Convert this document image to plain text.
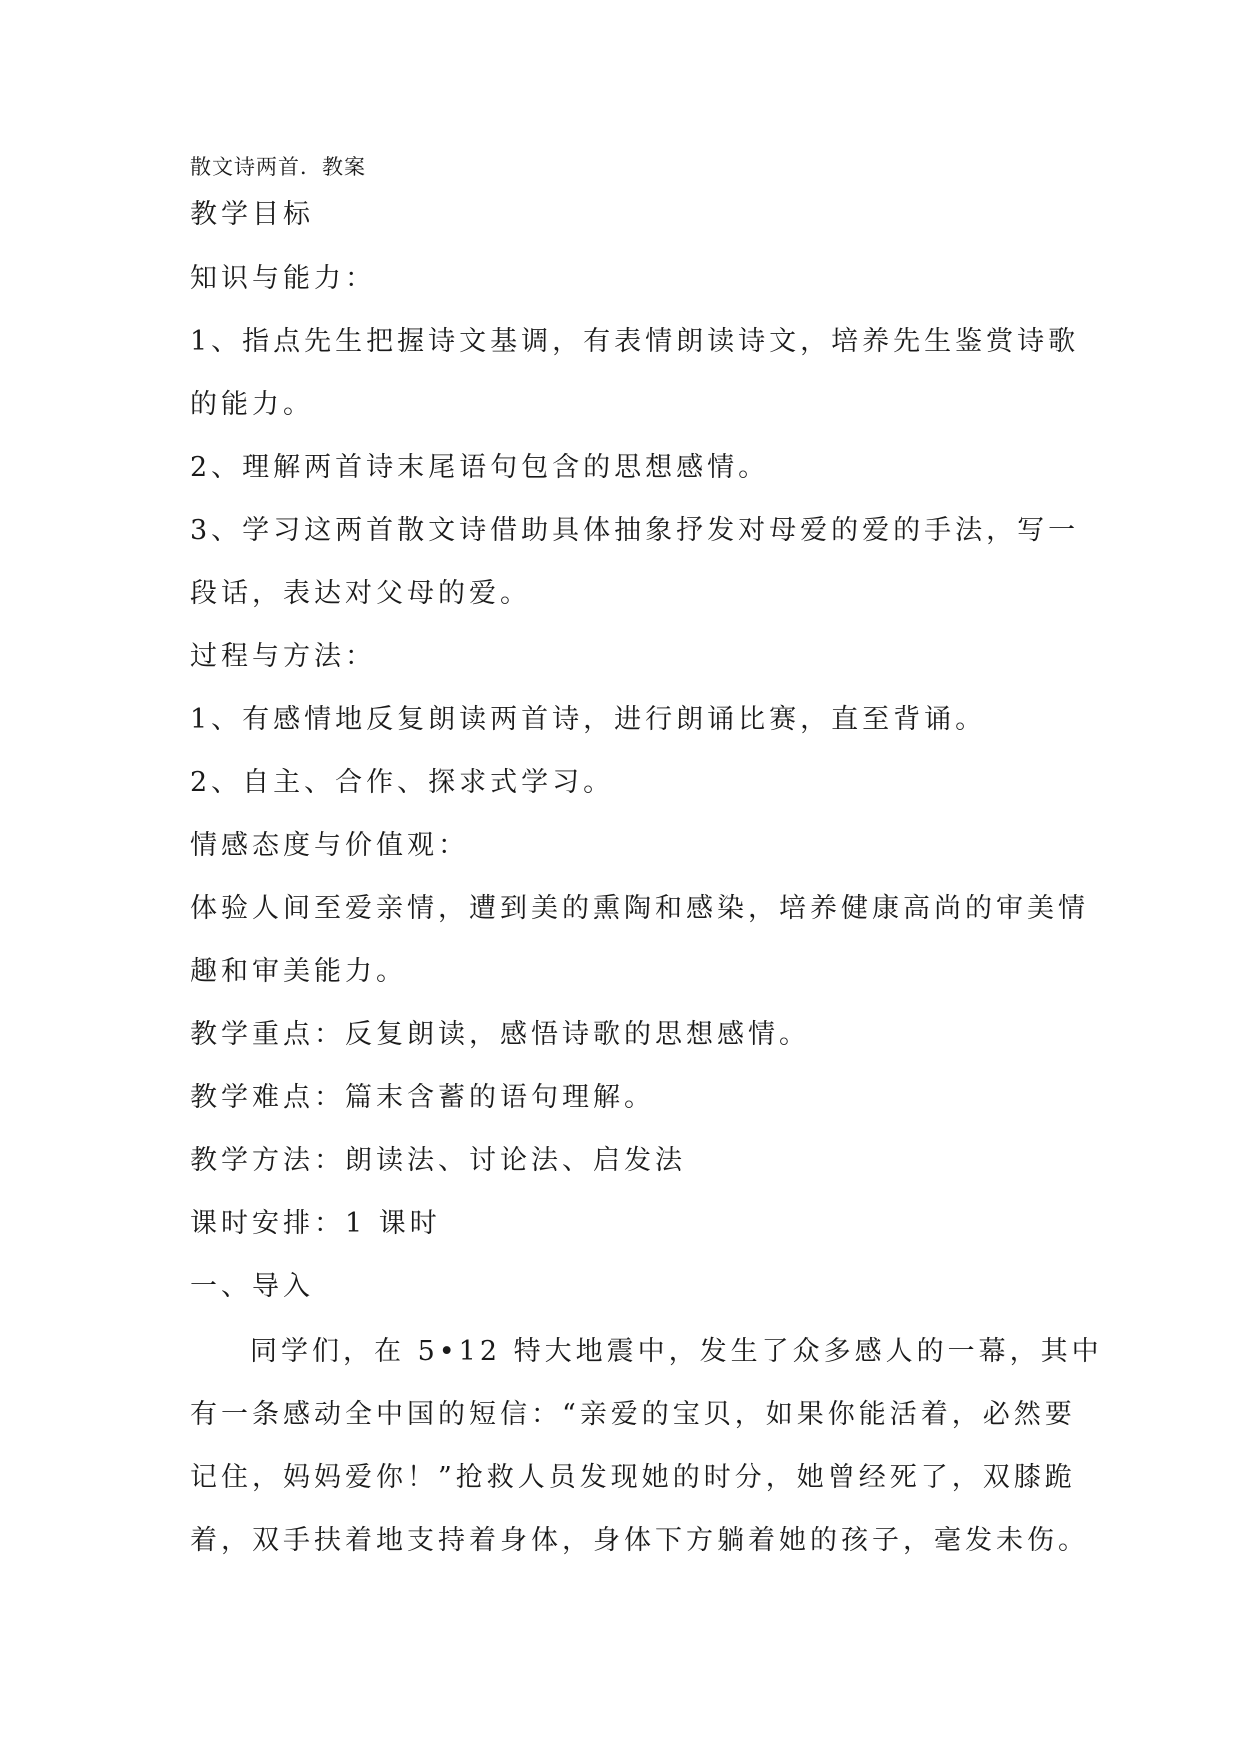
散文诗两首．教案
教学目标
知识与能力：
1、指点先生把握诗文基调，有表情朗读诗文，培养先生鉴赏诗歌
的能力。
2、理解两首诗末尾语句包含的思想感情。
3、学习这两首散文诗借助具体抽象抒发对母爱的爱的手法，写一
段话，表达对父母的爱。
过程与方法：
1、有感情地反复朗读两首诗，进行朗诵比赛，直至背诵。
2、自主、合作、探求式学习。
情感态度与价值观：
体验人间至爱亲情，遭到美的熏陶和感染，培养健康高尚的审美情
趣和审美能力。
教学重点：反复朗读，感悟诗歌的思想感情。
教学难点：篇末含蓄的语句理解。
教学方法：朗读法、讨论法、启发法
课时安排：1 课时
一、导入
同学们，在 5•12 特大地震中，发生了众多感人的一幕，其中
有一条感动全中国的短信：“亲爱的宝贝，如果你能活着，必然要
记住，妈妈爱你！”抢救人员发现她的时分，她曾经死了，双膝跪
着，双手扶着地支持着身体，身体下方躺着她的孩子，毫发未伤。
